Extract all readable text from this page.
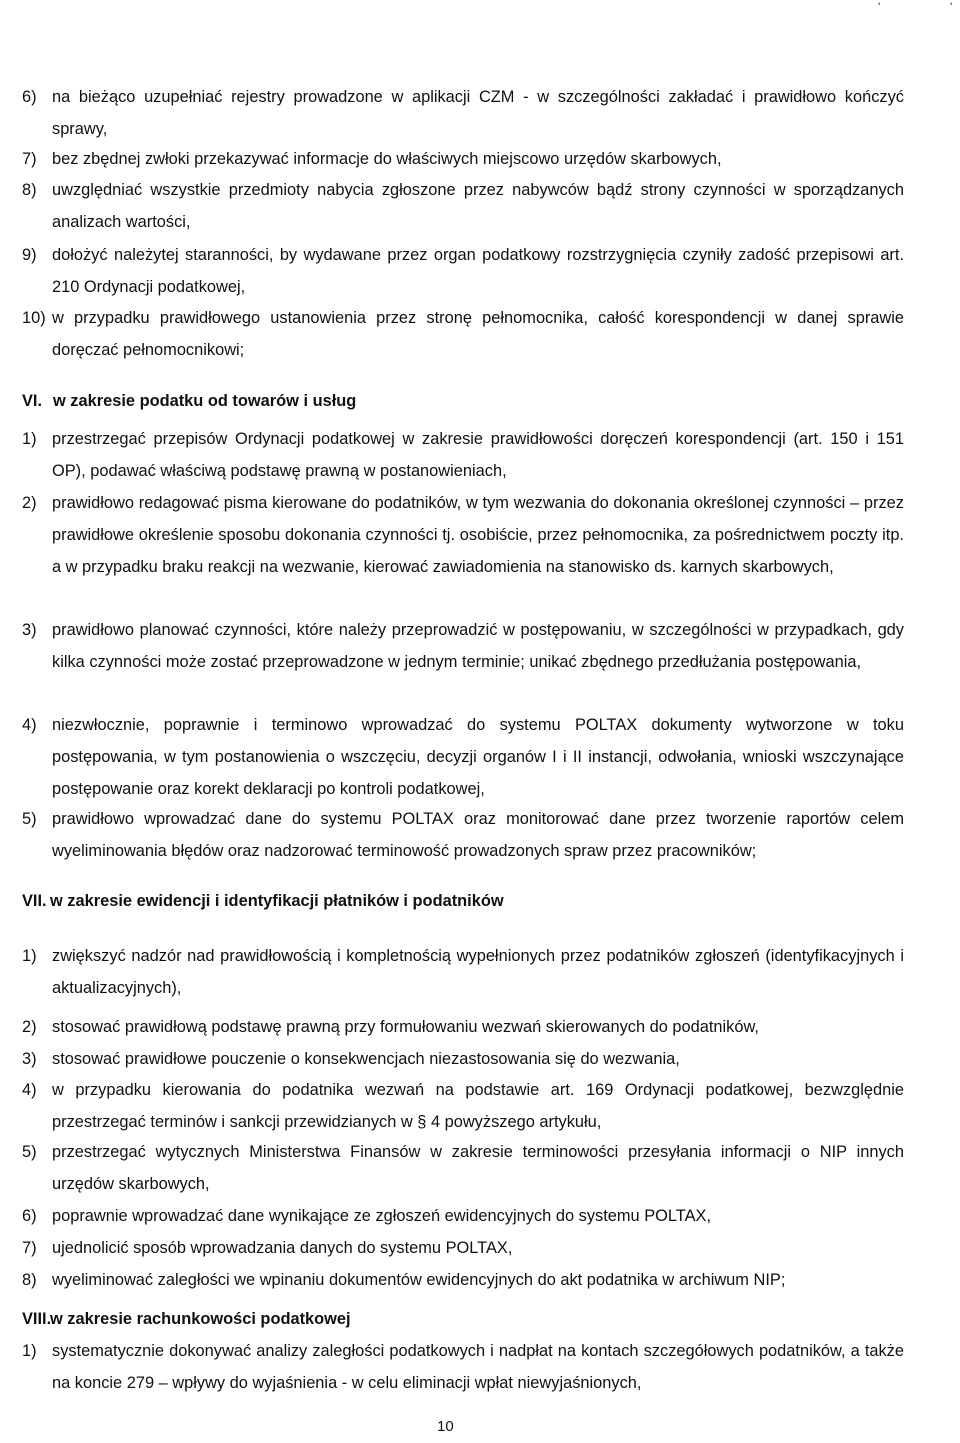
'	'
6) na bieżąco uzupełniać rejestry prowadzone w aplikacji CZM - w szczególności zakładać i prawidłowo kończyć sprawy,
7) bez zbędnej zwłoki przekazywać informacje do właściwych miejscowo urzędów skarbowych,
8) uwzględniać wszystkie przedmioty nabycia zgłoszone przez nabywców bądź strony czynności w sporządzanych analizach wartości,
9) dołożyć należytej staranności, by wydawane przez organ podatkowy rozstrzygnięcia czyniły zadość przepisowi art. 210 Ordynacji podatkowej,
10) w przypadku prawidłowego ustanowienia przez stronę pełnomocnika, całość korespondencji w danej sprawie doręczać pełnomocnikowi;
VI. w zakresie podatku od towarów i usług
1) przestrzegać przepisów Ordynacji podatkowej w zakresie prawidłowości doręczeń korespondencji (art. 150 i 151 OP), podawać właściwą podstawę prawną w postanowieniach,
2) prawidłowo redagować pisma kierowane do podatników, w tym wezwania do dokonania określonej czynności – przez prawidłowe określenie sposobu dokonania czynności tj. osobiście, przez pełnomocnika, za pośrednictwem poczty itp. a w przypadku braku reakcji na wezwanie, kierować zawiadomienia na stanowisko ds. karnych skarbowych,
3) prawidłowo planować czynności, które należy przeprowadzić w postępowaniu, w szczególności w przypadkach, gdy kilka czynności może zostać przeprowadzone w jednym terminie; unikać zbędnego przedłużania postępowania,
4) niezwłocznie, poprawnie i terminowo wprowadzać do systemu POLTAX dokumenty wytworzone w toku postępowania, w tym postanowienia o wszczęciu, decyzji organów I i II instancji, odwołania, wnioski wszczynające postępowanie oraz korekt deklaracji po kontroli podatkowej,
5) prawidłowo wprowadzać dane do systemu POLTAX oraz monitorować dane przez tworzenie raportów celem wyeliminowania błędów oraz nadzorować terminowość prowadzonych spraw przez pracowników;
VII. w zakresie ewidencji i identyfikacji płatników i podatników
1) zwiększyć nadzór nad prawidłowością i kompletnością wypełnionych przez podatników zgłoszeń (identyfikacyjnych i aktualizacyjnych),
2) stosować prawidłową podstawę prawną przy formułowaniu wezwań skierowanych do podatników,
3) stosować prawidłowe pouczenie o konsekwencjach niezastosowania się do wezwania,
4) w przypadku kierowania do podatnika wezwań na podstawie art. 169 Ordynacji podatkowej, bezwzględnie przestrzegać terminów i sankcji przewidzianych w § 4 powyższego artykułu,
5) przestrzegać wytycznych Ministerstwa Finansów w zakresie terminowości przesyłania informacji o NIP innych urzędów skarbowych,
6) poprawnie wprowadzać dane wynikające ze zgłoszeń ewidencyjnych do systemu POLTAX,
7) ujednolicić sposób wprowadzania danych do systemu POLTAX,
8) wyeliminować zaległości we wpinaniu dokumentów ewidencyjnych do akt podatnika w archiwum NIP;
VIII.
w zakresie rachunkowości podatkowej
1) systematycznie dokonywać analizy zaległości podatkowych i nadpłat na kontach szczegółowych podatników, a także na koncie 279 – wpływy do wyjaśnienia - w celu eliminacji wpłat niewyjaśnionych,
10
